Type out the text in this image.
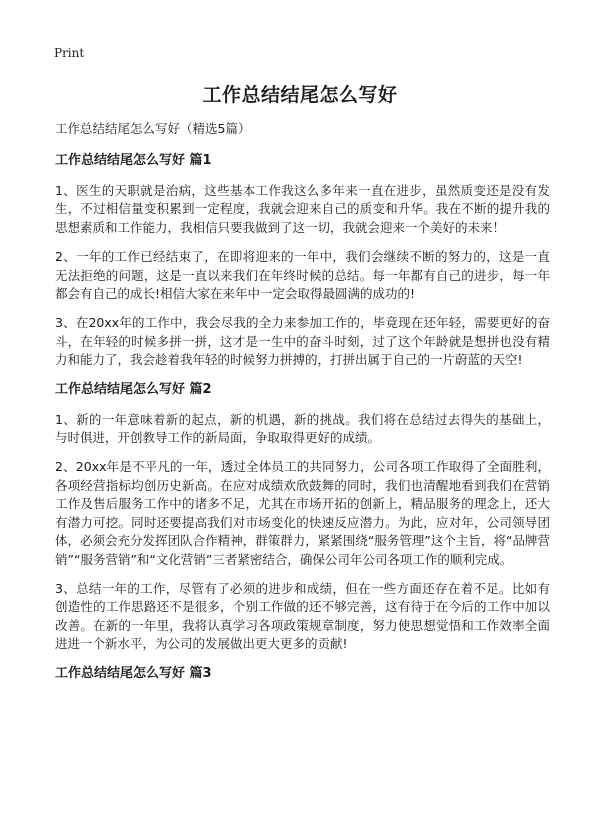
Print
工作总结结尾怎么写好

工作总结结尾怎么写好（精选5篇）

工作总结结尾怎么写好 篇1

1、医生的天职就是治病，这些基本工作我这么多年来一直在进步，虽然质变还是没有发生，不过相信量变积累到一定程度，我就会迎来自己的质变和升华。我在不断的提升我的思想素质和工作能力，我相信只要我做到了这一切，我就会迎来一个美好的未来！

2、一年的工作已经结束了，在即将迎来的一年中，我们会继续不断的努力的，这是一直无法拒绝的问题，这是一直以来我们在年终时候的总结。每一年都有自己的进步，每一年都会有自己的成长!相信大家在来年中一定会取得最圆满的成功的!

3、在20xx年的工作中，我会尽我的全力来参加工作的，毕竟现在还年轻，需要更好的奋斗，在年轻的时候多拼一拼，这才是一生中的奋斗时刻，过了这个年龄就是想拼也没有精力和能力了，我会趁着我年轻的时候努力拼搏的，打拼出属于自己的一片蔚蓝的天空!

工作总结结尾怎么写好 篇2

1、新的一年意味着新的起点，新的机遇，新的挑战。我们将在总结过去得失的基础上，与时俱进，开创教导工作的新局面，争取取得更好的成绩。

2、20xx年是不平凡的一年，透过全体员工的共同努力，公司各项工作取得了全面胜利，各项经营指标均创历史新高。在应对成绩欢欣鼓舞的同时，我们也清醒地看到我们在营销工作及售后服务工作中的诸多不足，尤其在市场开拓的创新上，精品服务的理念上，还大有潜力可挖。同时还要提高我们对市场变化的快速反应潜力。为此，应对年，公司领导团体，必须会充分发挥团队合作精神，群策群力，紧紧围绕“服务管理”这个主旨，将“品牌营销”“服务营销”和“文化营销”三者紧密结合，确保公司年公司各项工作的顺利完成。

3、总结一年的工作，尽管有了必须的进步和成绩，但在一些方面还存在着不足。比如有创造性的工作思路还不是很多，个别工作做的还不够完善，这有待于在今后的工作中加以改善。在新的一年里，我将认真学习各项政策规章制度，努力使思想觉悟和工作效率全面进进一个新水平，为公司的发展做出更大更多的贡献!

工作总结结尾怎么写好 篇3
